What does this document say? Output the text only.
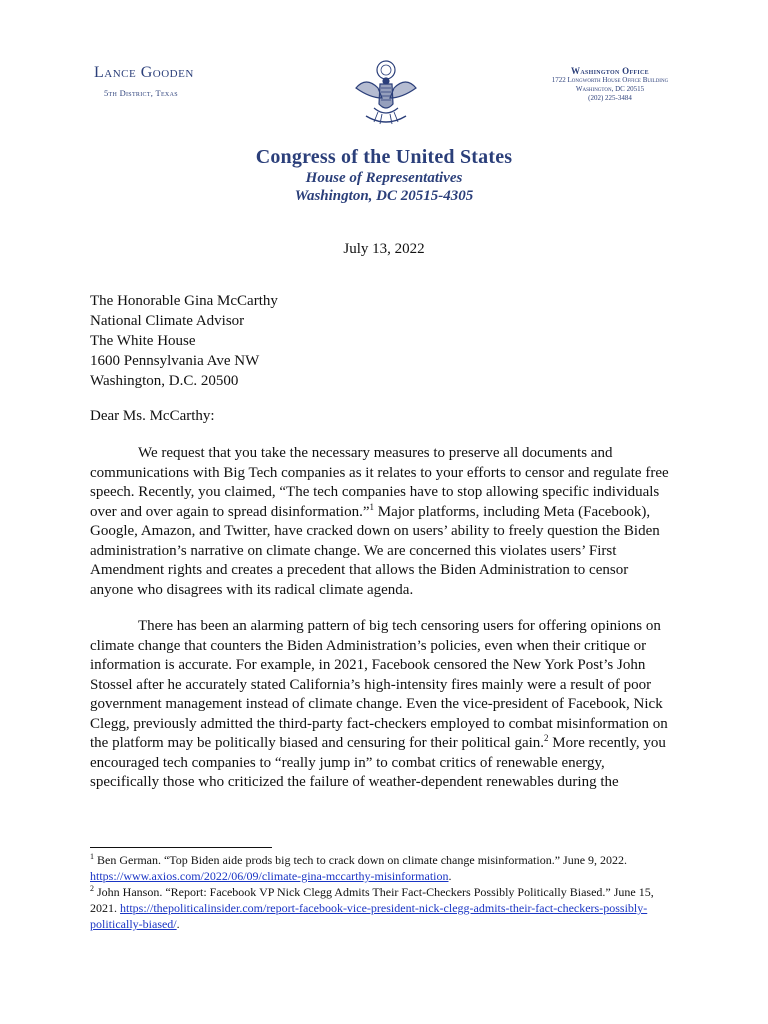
Lance Gooden
5th District, Texas
Washington Office
1722 Longworth House Office Building
Washington, DC 20515
(202) 225-3484
Congress of the United States
House of Representatives
Washington, DC 20515-4305
July 13, 2022
The Honorable Gina McCarthy
National Climate Advisor
The White House
1600 Pennsylvania Ave NW
Washington, D.C. 20500
Dear Ms. McCarthy:
We request that you take the necessary measures to preserve all documents and communications with Big Tech companies as it relates to your efforts to censor and regulate free speech. Recently, you claimed, “The tech companies have to stop allowing specific individuals over and over again to spread disinformation.”$^1$ Major platforms, including Meta (Facebook), Google, Amazon, and Twitter, have cracked down on users’ ability to freely question the Biden administration’s narrative on climate change. We are concerned this violates users’ First Amendment rights and creates a precedent that allows the Biden Administration to censor anyone who disagrees with its radical climate agenda.
There has been an alarming pattern of big tech censoring users for offering opinions on climate change that counters the Biden Administration’s policies, even when their critique or information is accurate. For example, in 2021, Facebook censored the New York Post’s John Stossel after he accurately stated California’s high-intensity fires mainly were a result of poor government management instead of climate change. Even the vice-president of Facebook, Nick Clegg, previously admitted the third-party fact-checkers employed to combat misinformation on the platform may be politically biased and censuring for their political gain.$^2$ More recently, you encouraged tech companies to “really jump in” to combat critics of renewable energy, specifically those who criticized the failure of weather-dependent renewables during the
$^1$ Ben German. “Top Biden aide prods big tech to crack down on climate change misinformation.” June 9, 2022. https://www.axios.com/2022/06/09/climate-gina-mccarthy-misinformation.
$^2$ John Hanson. “Report: Facebook VP Nick Clegg Admits Their Fact-Checkers Possibly Politically Biased.” June 15, 2021. https://thepoliticalinsider.com/report-facebook-vice-president-nick-clegg-admits-their-fact-checkers-possibly-politically-biased/.
